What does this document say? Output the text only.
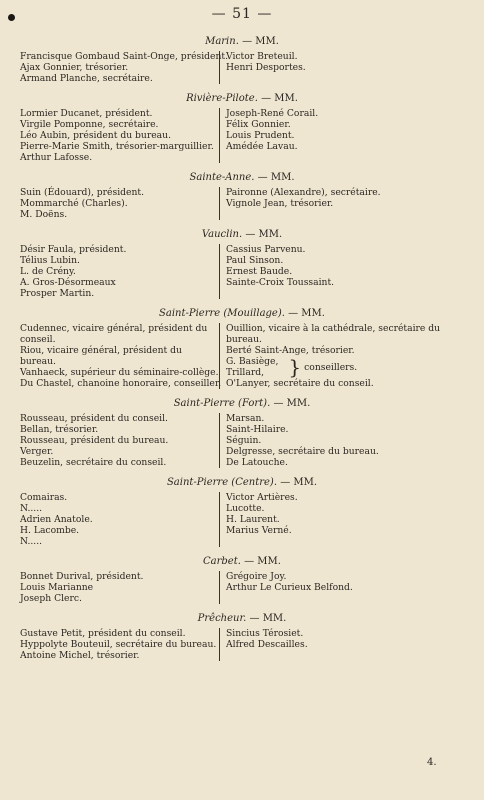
— 51 —
Marin. — MM.
Francisque Gombaud Saint-Onge, président.
Ajax Gonnier, trésorier.
Armand Planche, secrétaire.
Victor Breteuil.
Henri Desportes.
Rivière-Pilote. — MM.
Lormier Ducanet, président.
Virgile Pomponne, secrétaire.
Léo Aubin, président du bureau.
Pierre-Marie Smith, trésorier-marguillier.
Arthur Lafosse.
Joseph-René Corail.
Félix Gonnier.
Louis Prudent.
Amédée Lavau.
Sainte-Anne. — MM.
Suin (Édouard), président.
Mommarché (Charles).
M. Doëns.
Paironne (Alexandre), secrétaire.
Vignole Jean, trésorier.
Vauclin. — MM.
Désir Faula, président.
Télius Lubin.
L. de Crény.
A. Gros-Désormeaux
Prosper Martin.
Cassius Parvenu.
Paul Sinson.
Ernest Baude.
Sainte-Croix Toussaint.
Saint-Pierre (Mouillage). — MM.
Cudennec, vicaire général, président du conseil.
Riou, vicaire général, président du bureau.
Vanhaeck, supérieur du séminaire-collège.
Du Chastel, chanoine honoraire, conseiller.
Ouillion, vicaire à la cathédrale, secrétaire du bureau.
Berté Saint-Ange, trésorier.
G. Basiège,
Trillard,	} conseillers.
O'Lanyer, secrétaire du conseil.
Saint-Pierre (Fort). — MM.
Rousseau, président du conseil.
Bellan, trésorier.
Rousseau, président du bureau.
Verger.
Beuzelin, secrétaire du conseil.
Marsan.
Saint-Hilaire.
Séguin.
Delgresse, secrétaire du bureau.
De Latouche.
Saint-Pierre (Centre). — MM.
Comairas.
N.....
Adrien Anatole.
H. Lacombe.
N.....
Victor Artières.
Lucotte.
H. Laurent.
Marius Verné.
Carbet. — MM.
Bonnet Durival, président.
Louis Marianne
Joseph Clerc.
Grégoire Joy.
Arthur Le Curieux Belfond.
Prêcheur. — MM.
Gustave Petit, président du conseil.
Hyppolyte Bouteuil, secrétaire du bureau.
Antoine Michel, trésorier.
Sincius Térosiet.
Alfred Descailles.
4.
